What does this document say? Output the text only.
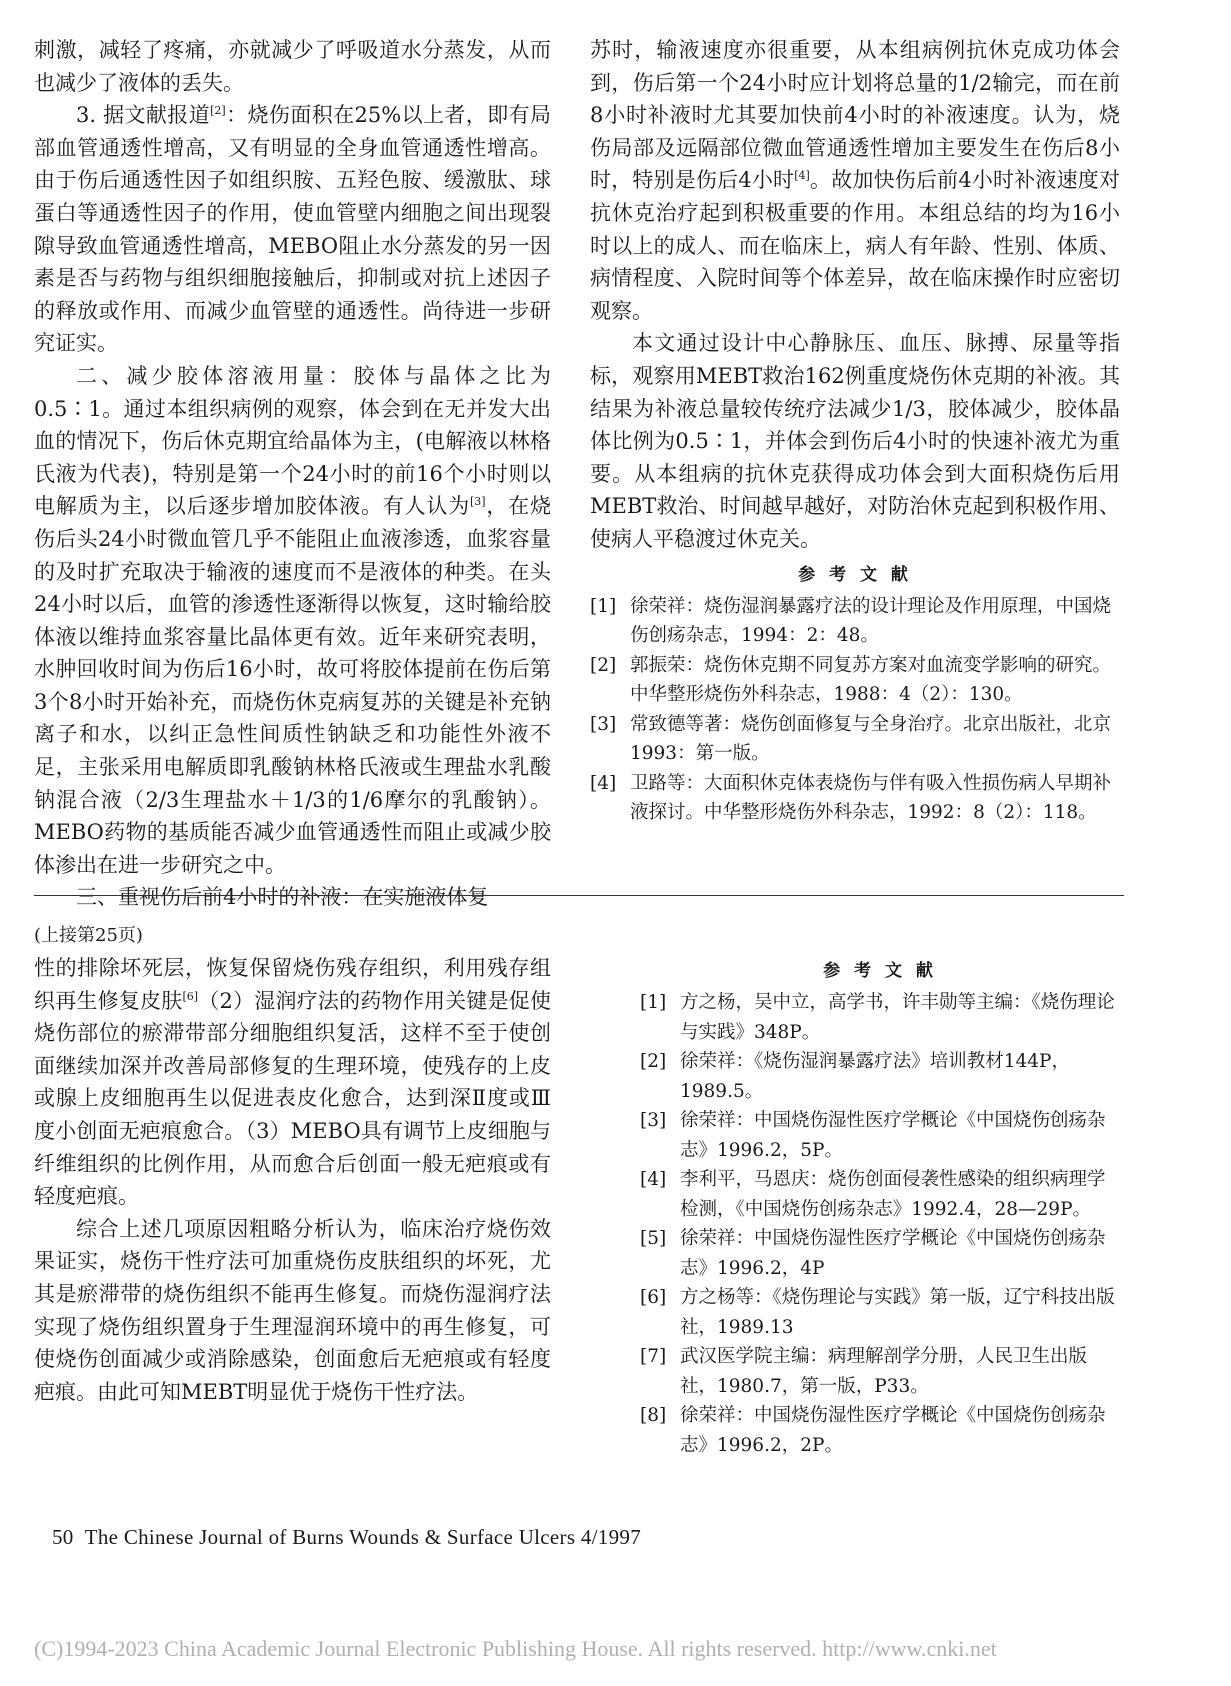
刺激，减轻了疼痛，亦就减少了呼吸道水分蒸发，从而也减少了液体的丢失。

3. 据文献报道[2]：烧伤面积在25%以上者，即有局部血管通透性增高，又有明显的全身血管通透性增高。由于伤后通透性因子如组织胺、五羟色胺、缓激肽、球蛋白等通透性因子的作用，使血管壁内细胞之间出现裂隙导致血管通透性增高，MEBO阻止水分蒸发的另一因素是否与药物与组织细胞接触后，抑制或对抗上述因子的释放或作用、而减少血管壁的通透性。尚待进一步研究证实。

二、减少胶体溶液用量：胶体与晶体之比为0.5∶1。通过本组织病例的观察，体会到在无并发大出血的情况下，伤后休克期宜给晶体为主，(电解液以林格氏液为代表)，特别是第一个24小时的前16个小时则以电解质为主，以后逐步增加胶体液。有人认为[3]，在烧伤后头24小时微血管几乎不能阻止血液渗透，血浆容量的及时扩充取决于输液的速度而不是液体的种类。在头24小时以后，血管的渗透性逐渐得以恢复，这时输给胶体液以维持血浆容量比晶体更有效。近年来研究表明，水肿回收时间为伤后16小时，故可将胶体提前在伤后第3个8小时开始补充，而烧伤休克病复苏的关键是补充钠离子和水，以纠正急性间质性钠缺乏和功能性外液不足，主张采用电解质即乳酸钠林格氏液或生理盐水乳酸钠混合液（2/3生理盐水＋1/3的1/6摩尔的乳酸钠）。MEBO药物的基质能否减少血管通透性而阻止或减少胶体渗出在进一步研究之中。

三、重视伤后前4小时的补液：在实施液体复

苏时，输液速度亦很重要，从本组病例抗休克成功体会到，伤后第一个24小时应计划将总量的1/2输完，而在前8小时补液时尤其要加快前4小时的补液速度。认为，烧伤局部及远隔部位微血管通透性增加主要发生在伤后8小时，特别是伤后4小时[4]。故加快伤后前4小时补液速度对抗休克治疗起到积极重要的作用。本组总结的均为16小时以上的成人、而在临床上，病人有年龄、性别、体质、病情程度、入院时间等个体差异，故在临床操作时应密切观察。

本文通过设计中心静脉压、血压、脉搏、尿量等指标，观察用MEBT救治162例重度烧伤休克期的补液。其结果为补液总量较传统疗法减少1/3，胶体减少，胶体晶体比例为0.5∶1，并体会到伤后4小时的快速补液尤为重要。从本组病的抗休克获得成功体会到大面积烧伤后用MEBT救治、时间越早越好，对防治休克起到积极作用、使病人平稳渡过休克关。

参 考 文 献
[1] 徐荣祥：烧伤湿润暴露疗法的设计理论及作用原理，中国烧伤创疡杂志，1994：2：48。
[2] 郭振荣：烧伤休克期不同复苏方案对血流变学影响的研究。中华整形烧伤外科杂志，1988：4（2）：130。
[3] 常致德等著：烧伤创面修复与全身治疗。北京出版社，北京1993：第一版。
[4] 卫路等：大面积休克体表烧伤与伴有吸入性损伤病人早期补液探讨。中华整形烧伤外科杂志，1992：8（2）：118。
(上接第25页)

性的排除坏死层，恢复保留烧伤残存组织，利用残存组织再生修复皮肤[6]（2）湿润疗法的药物作用关键是促使烧伤部位的瘀滞带部分细胞组织复活，这样不至于使创面继续加深并改善局部修复的生理环境，使残存的上皮或腺上皮细胞再生以促进表皮化愈合，达到深Ⅱ度或Ⅲ度小创面无疤痕愈合。（3）MEBO具有调节上皮细胞与纤维组织的比例作用，从而愈合后创面一般无疤痕或有轻度疤痕。

综合上述几项原因粗略分析认为，临床治疗烧伤效果证实，烧伤干性疗法可加重烧伤皮肤组织的坏死，尤其是瘀滞带的烧伤组织不能再生修复。而烧伤湿润疗法实现了烧伤组织置身于生理湿润环境中的再生修复，可使烧伤创面减少或消除感染，创面愈后无疤痕或有轻度疤痕。由此可知MEBT明显优于烧伤干性疗法。

参 考 文 献
[1] 方之杨，吴中立，高学书，许丰勋等主编：《烧伤理论与实践》348P。
[2] 徐荣祥：《烧伤湿润暴露疗法》培训教材144P，1989.5。
[3] 徐荣祥：中国烧伤湿性医疗学概论《中国烧伤创疡杂志》1996.2，5P。
[4] 李利平，马恩庆：烧伤创面侵袭性感染的组织病理学检测，《中国烧伤创疡杂志》1992.4，28—29P。
[5] 徐荣祥：中国烧伤湿性医疗学概论《中国烧伤创疡杂志》1996.2，4P
[6] 方之杨等：《烧伤理论与实践》第一版，辽宁科技出版社，1989.13
[7] 武汉医学院主编：病理解剖学分册，人民卫生出版社，1980.7，第一版，P33。
[8] 徐荣祥：中国烧伤湿性医疗学概论《中国烧伤创疡杂志》1996.2，2P。
50 The Chinese Journal of Burns Wounds & Surface Ulcers 4/1997
(C)1994-2023 China Academic Journal Electronic Publishing House. All rights reserved. http://www.cnki.net
